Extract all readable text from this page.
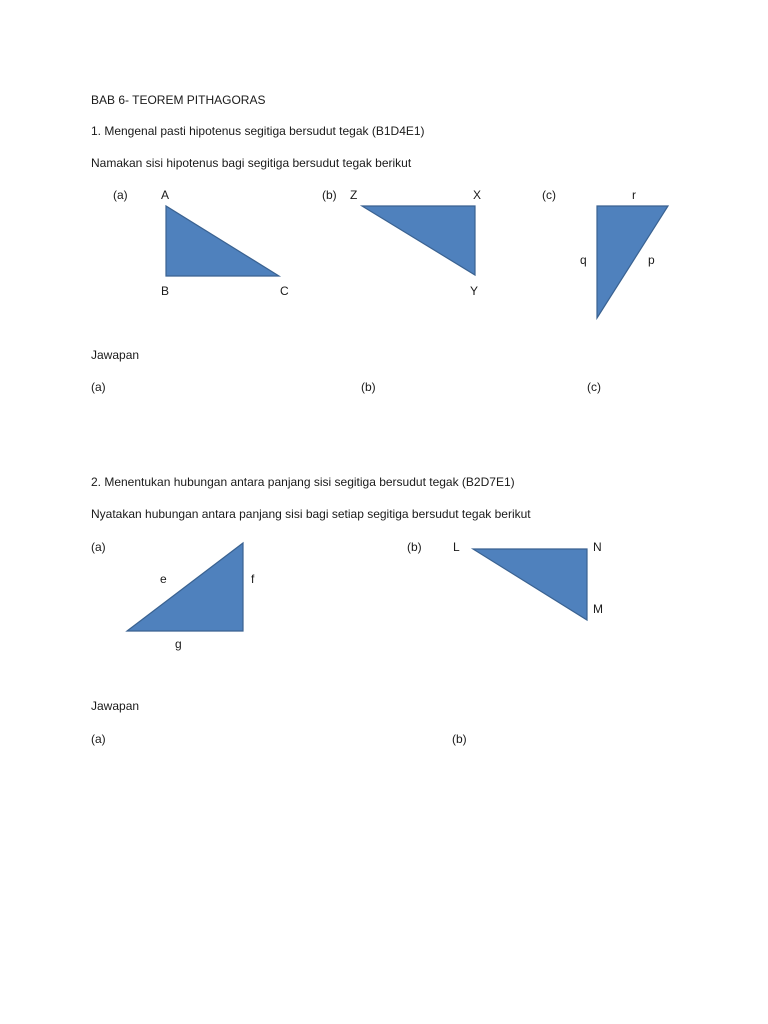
BAB 6- TEOREM PITHAGORAS
1. Mengenal pasti hipotenus segitiga bersudut tegak (B1D4E1)
Namakan sisi hipotenus bagi segitiga bersudut tegak berikut
(a)	A
B	C
(b) Z	X
Y
(c)	r
q	p
Jawapan
(a)	(b)	(c)
2. Menentukan hubungan antara panjang sisi segitiga bersudut tegak (B2D7E1)
Nyatakan hubungan antara panjang sisi bagi setiap segitiga bersudut tegak berikut
(a)
e	f
g
(b)	L	N
M
Jawapan
(a)	(b)
